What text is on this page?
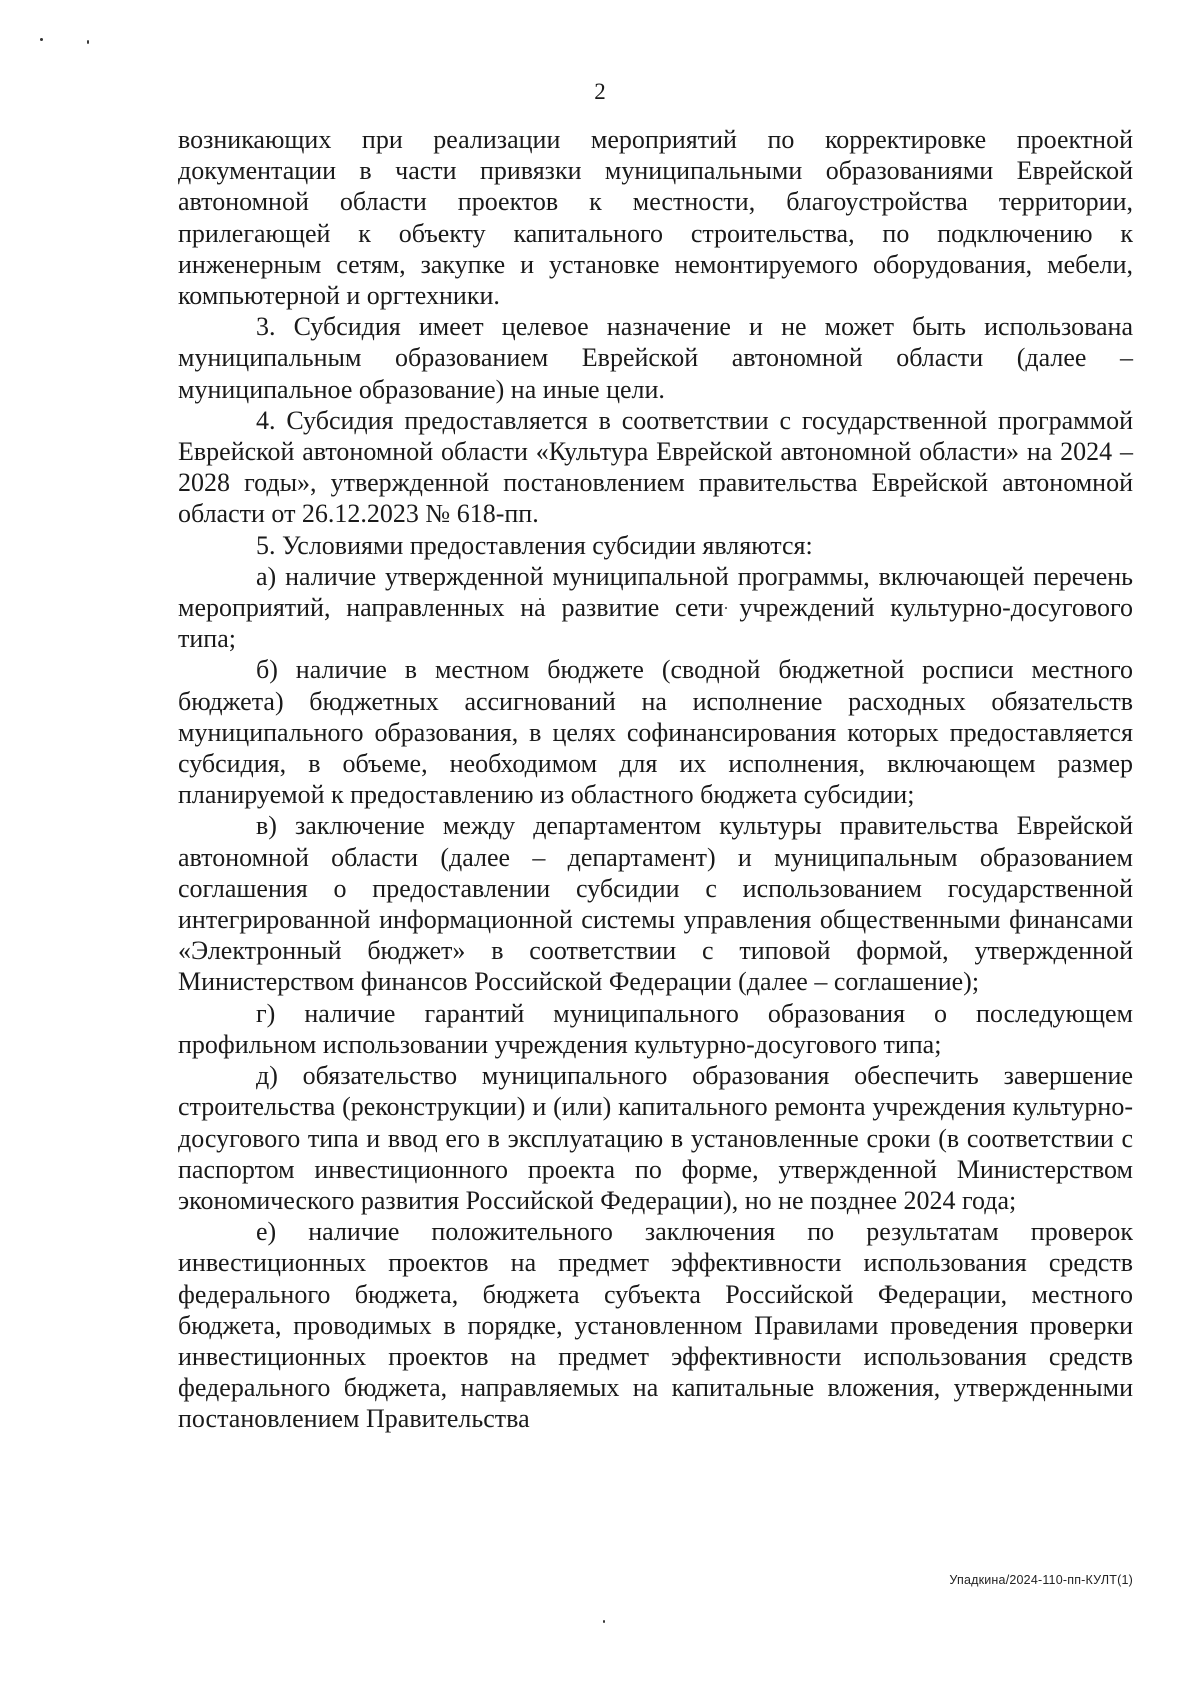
2

возникающих при реализации мероприятий по корректировке проектной документации в части привязки муниципальными образованиями Еврейской автономной области проектов к местности, благоустройства территории, прилегающей к объекту капитального строительства, по подключению к инженерным сетям, закупке и установке немонтируемого оборудования, мебели, компьютерной и оргтехники.

3. Субсидия имеет целевое назначение и не может быть использована муниципальным образованием Еврейской автономной области (далее – муниципальное образование) на иные цели.

4. Субсидия предоставляется в соответствии с государственной программой Еврейской автономной области «Культура Еврейской автономной области» на 2024 – 2028 годы», утвержденной постановлением правительства Еврейской автономной области от 26.12.2023 № 618-пп.

5. Условиями предоставления субсидии являются:

а) наличие утвержденной муниципальной программы, включающей перечень мероприятий, направленных на развитие сети учреждений культурно-досугового типа;

б) наличие в местном бюджете (сводной бюджетной росписи местного бюджета) бюджетных ассигнований на исполнение расходных обязательств муниципального образования, в целях софинансирования которых предоставляется субсидия, в объеме, необходимом для их исполнения, включающем размер планируемой к предоставлению из областного бюджета субсидии;

в) заключение между департаментом культуры правительства Еврейской автономной области (далее – департамент) и муниципальным образованием соглашения о предоставлении субсидии с использованием государственной интегрированной информационной системы управления общественными финансами «Электронный бюджет» в соответствии с типовой формой, утвержденной Министерством финансов Российской Федерации (далее – соглашение);

г) наличие гарантий муниципального образования о последующем профильном использовании учреждения культурно-досугового типа;

д) обязательство муниципального образования обеспечить завершение строительства (реконструкции) и (или) капитального ремонта учреждения культурно-досугового типа и ввод его в эксплуатацию в установленные сроки (в соответствии с паспортом инвестиционного проекта по форме, утвержденной Министерством экономического развития Российской Федерации), но не позднее 2024 года;

е) наличие положительного заключения по результатам проверок инвестиционных проектов на предмет эффективности использования средств федерального бюджета, бюджета субъекта Российской Федерации, местного бюджета, проводимых в порядке, установленном Правилами проведения проверки инвестиционных проектов на предмет эффективности использования средств федерального бюджета, направляемых на капитальные вложения, утвержденными постановлением Правительства

Упадкина/2024-110-пп-КУЛТ(1)
